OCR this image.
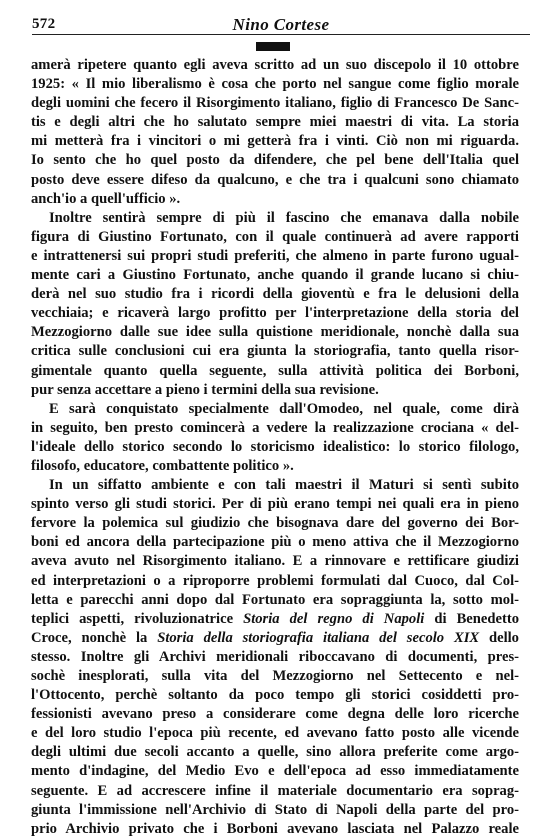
572	Nino Cortese
amerà ripetere quanto egli aveva scritto ad un suo discepolo il 10 ottobre
1925: « Il mio liberalismo è cosa che porto nel sangue come figlio morale
degli uomini che fecero il Risorgimento italiano, figlio di Francesco De Sanc-
tis e degli altri che ho salutato sempre miei maestri di vita. La storia
mi metterà fra i vincitori o mi getterà fra i vinti. Ciò non mi riguarda.
Io sento che ho quel posto da difendere, che pel bene dell'Italia quel
posto deve essere difeso da qualcuno, e che tra i qualcuni sono chiamato
anch'io a quell'ufficio ».
Inoltre sentirà sempre di più il fascino che emanava dalla nobile
figura di Giustino Fortunato, con il quale continuerà ad avere rapporti
e intrattenersi sui propri studi preferiti, che almeno in parte furono ugual-
mente cari a Giustino Fortunato, anche quando il grande lucano si chiu-
derà nel suo studio fra i ricordi della gioventù e fra le delusioni della
vecchiaia; e ricaverà largo profitto per l'interpretazione della storia del
Mezzogiorno dalle sue idee sulla quistione meridionale, nonchè dalla sua
critica sulle conclusioni cui era giunta la storiografia, tanto quella risor-
gimentale quanto quella seguente, sulla attività politica dei Borboni,
pur senza accettare a pieno i termini della sua revisione.
E sarà conquistato specialmente dall'Omodeo, nel quale, come dirà
in seguito, ben presto comincerà a vedere la realizzazione crociana « del-
l'ideale dello storico secondo lo storicismo idealistico: lo storico filologo,
filosofo, educatore, combattente politico ».
In un siffatto ambiente e con tali maestri il Maturi si sentì subito
spinto verso gli studi storici. Per di più erano tempi nei quali era in pieno
fervore la polemica sul giudizio che bisognava dare del governo dei Bor-
boni ed ancora della partecipazione più o meno attiva che il Mezzogiorno
aveva avuto nel Risorgimento italiano. E a rinnovare e rettificare giudizi
ed interpretazioni o a riproporre problemi formulati dal Cuoco, dal Col-
letta e parecchi anni dopo dal Fortunato era sopraggiunta la, sotto mol-
teplici aspetti, rivoluzionatrice Storia del regno di Napoli di Benedetto
Croce, nonchè la Storia della storiografia italiana del secolo XIX dello
stesso. Inoltre gli Archivi meridionali riboccavano di documenti, pres-
sochè inesplorati, sulla vita del Mezzogiorno nel Settecento e nel-
l'Ottocento, perchè soltanto da poco tempo gli storici cosiddetti pro-
fessionisti avevano preso a considerare come degna delle loro ricerche
e del loro studio l'epoca più recente, ed avevano fatto posto alle vicende
degli ultimi due secoli accanto a quelle, sino allora preferite come argo-
mento d'indagine, del Medio Evo e dell'epoca ad esso immediatamente
seguente. E ad accrescere infine il materiale documentario era soprag-
giunta l'immissione nell'Archivio di Stato di Napoli della parte del pro-
prio Archivio privato che i Borboni avevano lasciata nel Palazzo reale
